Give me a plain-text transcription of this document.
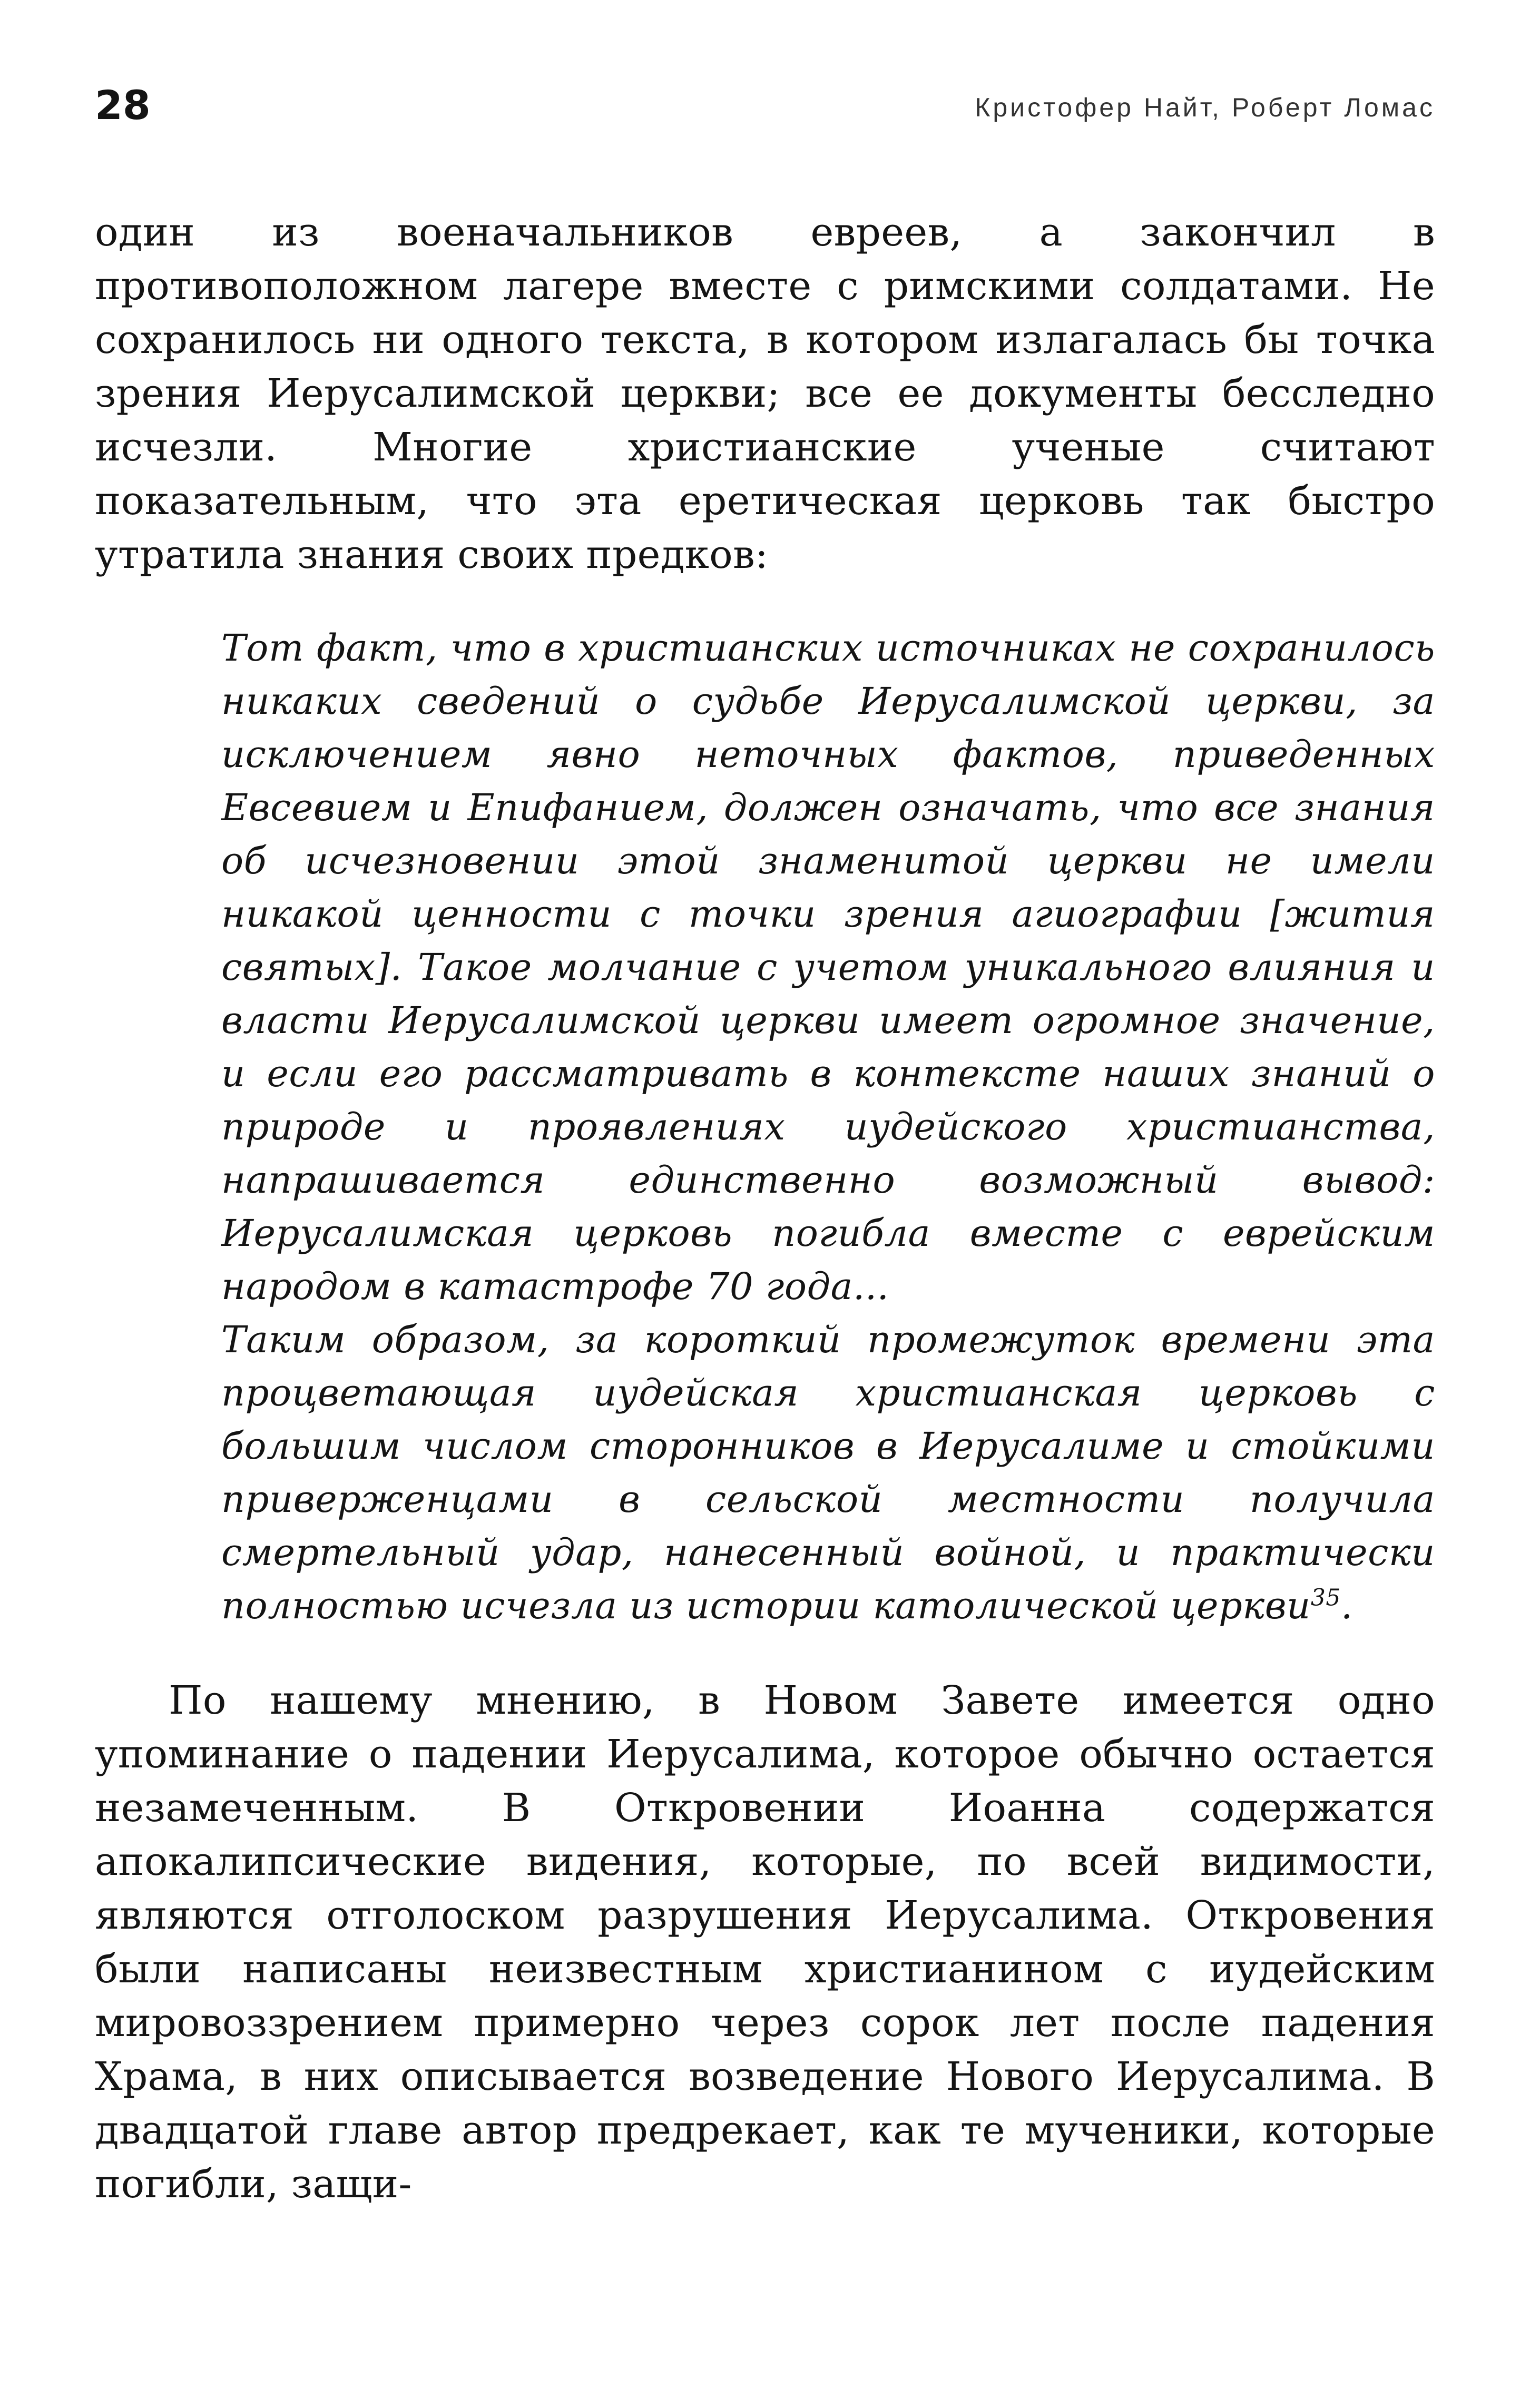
28	Кристофер Найт, Роберт Ломас

один из военачальников евреев, а закончил в противоположном лагере вместе с римскими солдатами. Не сохранилось ни одного текста, в котором излагалась бы точка зрения Иерусалимской церкви; все ее документы бесследно исчезли. Многие христианские ученые считают показательным, что эта еретическая церковь так быстро утратила знания своих предков:

Тот факт, что в христианских источниках не сохранилось никаких сведений о судьбе Иерусалимской церкви, за исключением явно неточных фактов, приведенных Евсевием и Епифанием, должен означать, что все знания об исчезновении этой знаменитой церкви не имели никакой ценности с точки зрения агиографии [жития святых]. Такое молчание с учетом уникального влияния и власти Иерусалимской церкви имеет огромное значение, и если его рассматривать в контексте наших знаний о природе и проявлениях иудейского христианства, напрашивается единственно возможный вывод: Иерусалимская церковь погибла вместе с еврейским народом в катастрофе 70 года...

Таким образом, за короткий промежуток времени эта процветающая иудейская христианская церковь с большим числом сторонников в Иерусалиме и стойкими приверженцами в сельской местности получила смертельный удар, нанесенный войной, и практически полностью исчезла из истории католической церкви$^{35}$.

По нашему мнению, в Новом Завете имеется одно упоминание о падении Иерусалима, которое обычно остается незамеченным. В Откровении Иоанна содержатся апокалипсические видения, которые, по всей видимости, являются отголоском разрушения Иерусалима. Откровения были написаны неизвестным христианином с иудейским мировоззрением примерно через сорок лет после падения Храма, в них описывается возведение Нового Иерусалима. В двадцатой главе автор предрекает, как те мученики, которые погибли, защи-
